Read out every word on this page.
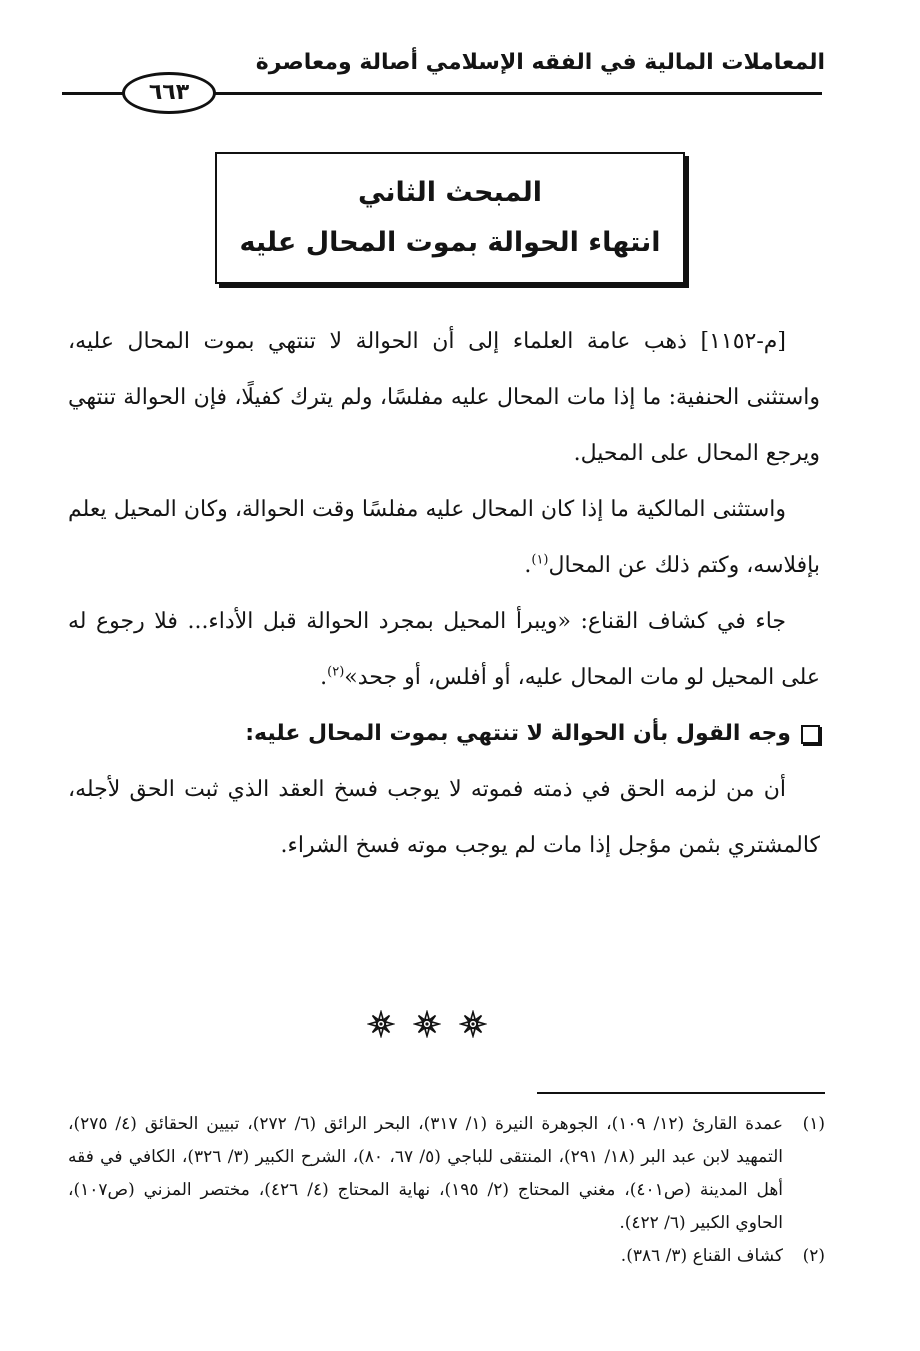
المعاملات المالية في الفقه الإسلامي أصالة ومعاصرة
٦٦٣
المبحث الثاني
انتهاء الحوالة بموت المحال عليه

[م-١١٥٢] ذهب عامة العلماء إلى أن الحوالة لا تنتهي بموت المحال عليه، واستثنى الحنفية: ما إذا مات المحال عليه مفلسًا، ولم يترك كفيلًا، فإن الحوالة تنتهي ويرجع المحال على المحيل.

واستثنى المالكية ما إذا كان المحال عليه مفلسًا وقت الحوالة، وكان المحيل يعلم بإفلاسه، وكتم ذلك عن المحال$^{(١)}$.

جاء في كشاف القناع: «ويبرأ المحيل بمجرد الحوالة قبل الأداء... فلا رجوع له على المحيل لو مات المحال عليه، أو أفلس، أو جحد»$^{(٢)}$.

وجه القول بأن الحوالة لا تنتهي بموت المحال عليه:

أن من لزمه الحق في ذمته فموته لا يوجب فسخ العقد الذي ثبت الحق لأجله، كالمشتري بثمن مؤجل إذا مات لم يوجب موته فسخ الشراء.

(١)
عمدة القارئ (١٢/ ١٠٩)، الجوهرة النيرة (١/ ٣١٧)، البحر الرائق (٦/ ٢٧٢)، تبيين الحقائق (٤/ ٢٧٥)، التمهيد لابن عبد البر (١٨/ ٢٩١)، المنتقى للباجي (٥/ ٦٧، ٨٠)، الشرح الكبير (٣/ ٣٢٦)، الكافي في فقه أهل المدينة (ص٤٠١)، مغني المحتاج (٢/ ١٩٥)، نهاية المحتاج (٤/ ٤٢٦)، مختصر المزني (ص١٠٧)، الحاوي الكبير (٦/ ٤٢٢).
(٢)
كشاف القناع (٣/ ٣٨٦).
